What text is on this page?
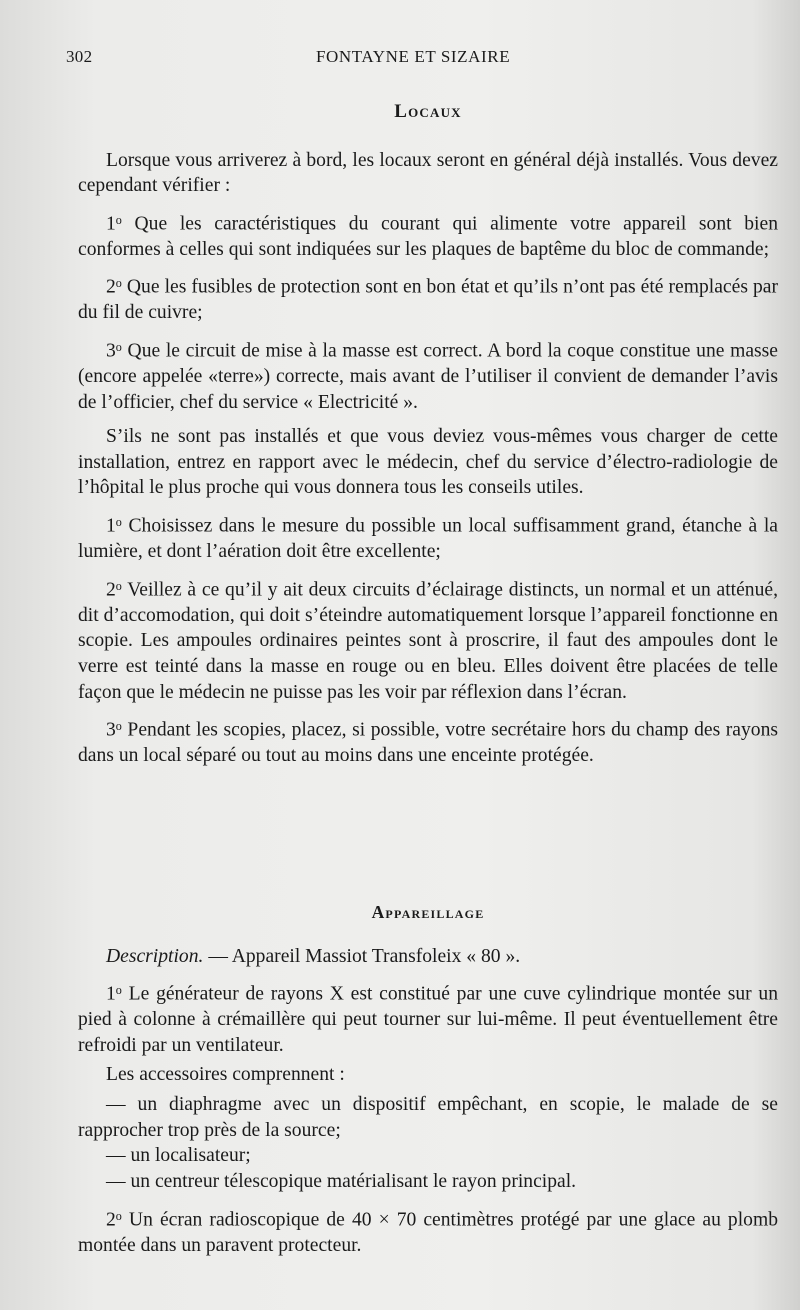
302	FONTAYNE ET SIZAIRE
Locaux

Lorsque vous arriverez à bord, les locaux seront en général déjà installés. Vous devez cependant vérifier :

1$^o$ Que les caractéristiques du courant qui alimente votre appareil sont bien conformes à celles qui sont indiquées sur les plaques de baptême du bloc de commande;

2$^o$ Que les fusibles de protection sont en bon état et qu’ils n’ont pas été remplacés par du fil de cuivre;

3$^o$ Que le circuit de mise à la masse est correct. A bord la coque constitue une masse (encore appelée «terre») correcte, mais avant de l’utiliser il convient de demander l’avis de l’officier, chef du service « Electricité ».

S’ils ne sont pas installés et que vous deviez vous-mêmes vous charger de cette installation, entrez en rapport avec le médecin, chef du service d’électro-radiologie de l’hôpital le plus proche qui vous donnera tous les conseils utiles.

1$^o$ Choisissez dans le mesure du possible un local suffisamment grand, étanche à la lumière, et dont l’aération doit être excellente;

2$^o$ Veillez à ce qu’il y ait deux circuits d’éclairage distincts, un normal et un atténué, dit d’accomodation, qui doit s’éteindre automatiquement lorsque l’appareil fonctionne en scopie. Les ampoules ordinaires peintes sont à proscrire, il faut des ampoules dont le verre est teinté dans la masse en rouge ou en bleu. Elles doivent être placées de telle façon que le médecin ne puisse pas les voir par réflexion dans l’écran.

3$^o$ Pendant les scopies, placez, si possible, votre secrétaire hors du champ des rayons dans un local séparé ou tout au moins dans une enceinte protégée.

Appareillage

Description. — Appareil Massiot Transfoleix « 80 ».

1$^o$ Le générateur de rayons X est constitué par une cuve cylindrique montée sur un pied à colonne à crémaillère qui peut tourner sur lui-même. Il peut éventuellement être refroidi par un ventilateur.

Les accessoires comprennent :

— un diaphragme avec un dispositif empêchant, en scopie, le malade de se rapprocher trop près de la source;

— un localisateur;

— un centreur télescopique matérialisant le rayon principal.

2$^o$ Un écran radioscopique de 40 × 70 centimètres protégé par une glace au plomb montée dans un paravent protecteur.
